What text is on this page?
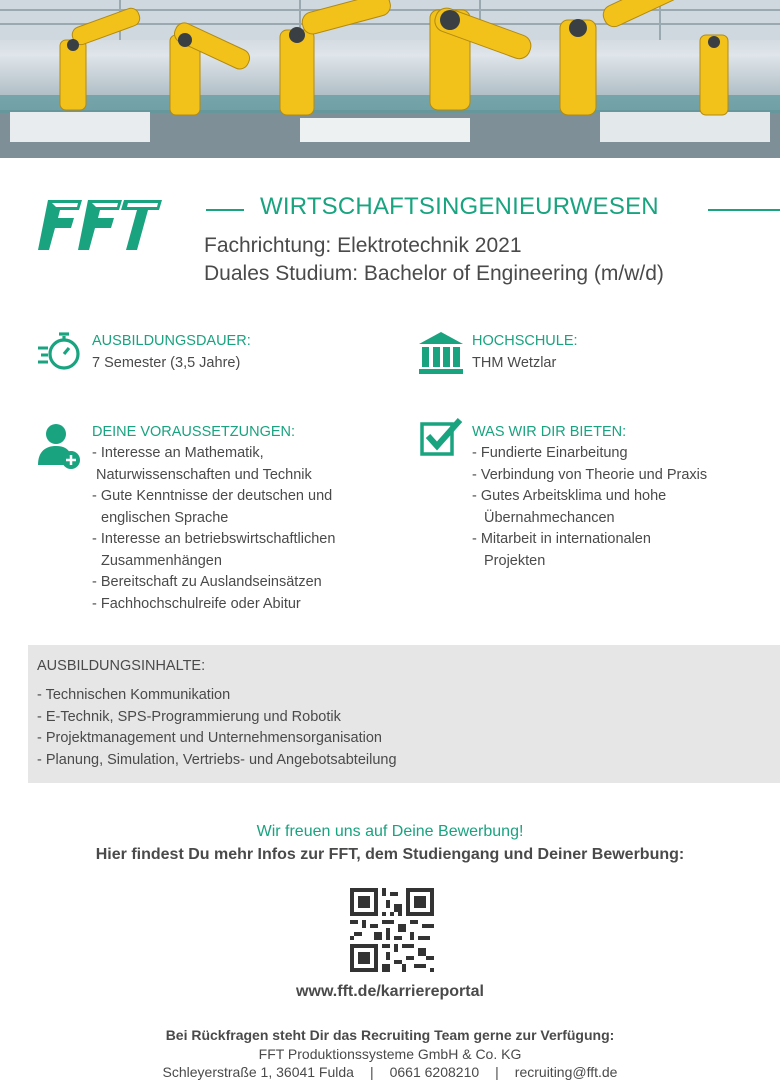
WIRTSCHAFTSINGENIEURWESEN
Fachrichtung: Elektrotechnik 2021
Duales Studium: Bachelor of Engineering (m/w/d)
AUSBILDUNGSDAUER:
7 Semester (3,5 Jahre)
HOCHSCHULE:
THM Wetzlar
DEINE VORAUSSETZUNGEN:
- Interesse an Mathematik,
Naturwissenschaften und Technik
- Gute Kenntnisse der deutschen und
englischen Sprache
- Interesse an betriebswirtschaftlichen
Zusammenhängen
- Bereitschaft zu Auslandseinsätzen
- Fachhochschulreife oder Abitur
WAS WIR DIR BIETEN:
- Fundierte Einarbeitung
- Verbindung von Theorie und Praxis
- Gutes Arbeitsklima und hohe
Übernahmechancen
- Mitarbeit in internationalen
Projekten
AUSBILDUNGSINHALTE:
- Technischen Kommunikation
- E-Technik, SPS-Programmierung und Robotik
- Projektmanagement und Unternehmensorganisation
- Planung, Simulation, Vertriebs- und Angebotsabteilung
Wir freuen uns auf Deine Bewerbung!
Hier findest Du mehr Infos zur FFT, dem Studiengang und Deiner Bewerbung:
www.fft.de/karriereportal
Bei Rückfragen steht Dir das Recruiting Team gerne zur Verfügung:
FFT Produktionssysteme GmbH & Co. KG
Schleyerstraße 1, 36041 Fulda | 0661 6208210 | recruiting@fft.de
